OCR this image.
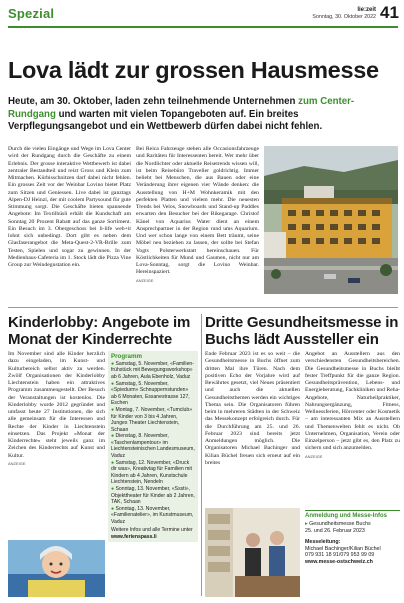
Spezial	lie:zeit
Sonntag, 30. Oktober 2022 41
Lova lädt zur grossen Hausmesse
Heute, am 30. Oktober, laden zehn teilnehmende Unternehmen zum Center-Rundgang und warten mit vielen Topangeboten auf. Ein breites Verpflegungsangebot und ein Wettbewerb dürfen dabei nicht fehlen.

Durch die vielen Eingänge und Wege im Lova Center wird der Rundgang durch die Geschäfte zu einem Erlebnis. Der grosse interaktive Wettbewerb ist dabei zentraler Bestandteil und reizt Gross und Klein zum Mitmachen. Kürbisschnitzen darf dabei nicht fehlen. Ein grosses Zelt vor der Weinbar Lovino bietet Platz zum Sitzen und Geniessen. Live dabei ist ganztags Alpen-DJ Heinzi, der mit coolem Partysound für gute Stimmung sorgt. Die Geschäfte bieten spannende Angebote: Im Textilhüsli erhält die Kundschaft am Sonntag 20 Prozent Rabatt auf das ganze Sortiment. Ein Besuch im 3. Obergeschoss bei li-life web+it lohnt sich unbedingt. Dort gibt es neben dem Glasfaserangebot die Meta-Quest-2-VR-Brille zum Testen, Spielen und sogar zu gewinnen. In der Medienhaus-Cafeteria im 1. Stock lädt die Pizza Vine Group zur Weindegustation ein.

Bei Reica Fahrzeuge stehen alle Occasionsfahrzeuge und Raritäten für Interessenten bereit. Wer mehr über die Nordlichter oder aktuelle Reisetrends wissen will, ist beim Reisebüro Traveller goldrichtig. Immer beliebt bei Menschen, die aus Bauen oder eine Veränderung ihrer eigenen vier Wände denken: die Ausstellung von H+M Wohnkeramik mit den perfekten Platten und vielem mehr. Die neuesten Trends bei Velos, Snowboards und Stand-up Paddles erwarten den Besucher bei der Bikegarage. Christof Känel von Aquarius Water dient an einem Ansprechpartner in der Region rund ums Aquarium. Und wer schon lange von einem Bett träumt, seine Möbel neu beziehen zu lassen, der sollte bei Stefan Vogts Polsterwerkstatt hereinschauen. Für Köstlichkeiten für Mund und Gaumen, nicht nur am Lova-Sonntag, sorgt die Lovino Weinbar. Hereinspaziert.

ANZEIGE
Kinderlobby: Angebote im Monat der Kinderrechte

Im November sind alle Kinder herzlich dazu eingeladen, im Kunst- und Kulturbereich selbst aktiv zu werden. Zwölf Organisationen der Kinderlobby Liechtenstein haben ein attraktives Programm zusammengestellt. Der Besuch der Veranstaltungen ist kostenlos. Die Kinderlobby wurde 2012 gegründet und umfasst heute 27 Institutionen, die sich alle gemeinsam für die Interessen und Rechte der Kinder in Liechtenstein einsetzen. Das Projekt «Monat der Kinderrechte» steht jeweils ganz im Zeichen des Kinderrechts auf Kunst und Kultur.

ANZEIGE
Programm
● Samstag, 5. November, «Familien-frühstück mit Bewegungsworkshop» ab 6 Jahren, Aula Ebenholz, Vaduz
● Samstag, 5. November, «Spiedurm» Schnuppernstunden» ab 6 Monaten, Essanestrasse 127, Eschen
● Montag, 7. November, «Tumclub» für Kinder von 3 bis 4 Jahren, Junges Theater Liechtenstein, Schaan
● Dienstag, 8. November, «Taschenlampentour» im Liechtensteinischen Landesmuseum, Vaduz
● Samstag, 12. November, «Druck dir was», Kreativtag für Familien mit Kindern ab 4 Jahren, Kunstschule Liechtenstein, Nendeln
● Sonntag, 13. November, «Sssti», Objekttheater für Kinder ab 2 Jahren, TAK, Schaan
● Sonntag, 13. November, «Familienatelier», im Kunstmuseum, Vaduz
Weitere Infos und alle Termine unter
www.ferienspass.li
Dritte Gesundheitsmesse in Buchs lädt Aussteller ein

Ende Februar 2023 ist es so weit – die Gesundheitsmesse in Buchs öffnet zum dritten Mal ihre Türen. Nach dem positiven Echo der Vorjahre wird auf Bewährtes gesetzt, viel Neues präsentiert und auch die aktuellen Gesundheitsthemen werden ein wichtiges Thema sein. Die Organisatoren führen beim in mehreren Städten in der Schweiz das Messekonzept erfolgreich durch. Für die Durchführung am 25. und 26. Februar 2023 sind bereits jetzt Anmeldungen möglich. Die Organisatoren Michael Bachinger und Kilian Büchel freuen sich erneut auf ein breites

Angebot an Ausstellern aus den verschiedensten Gesundheitsbereichen. Die Gesundheitsmesse in Buchs bleibt fester Treffpunkt für die ganze Region. Gesundheitsprävention, Lebens- und Energieberatung, Fachkliniken und Reha-Angebote, Naturheilpraktiker, Nahrungsergänzung, Fitness, Wellnessferien, Hörcenter oder Kosmetik – am interessanten Mix an Ausstellern und Themenwelten fehlt es nicht. Ob Unternehmen, Organisation, Verein oder Einzelperson – jetzt gibt es, den Platz zu sichern und sich anzumelden.

ANZEIGE
Anmeldung und Messe-Infos
▸ Gesundheitsmesse Buchs
25. und 26. Februar 2023
Messeleitung:
Michael Bachinger/Kilian Büchel
079 931 18 91/079 953 99 09
www.messe-ostschweiz.ch
